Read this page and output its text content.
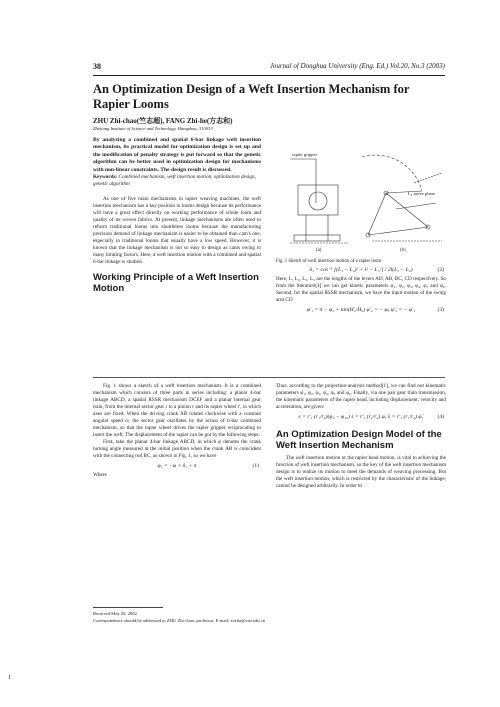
38	Journal of Donghua University (Eng. Ed.) Vol.20, No.3 (2003)
An Optimization Design of a Weft Insertion Mechanism for Rapier Looms
ZHU Zhi-chao(竺志超), FANG Zhi-he(方志和)
Zhejiang Institute of Science and Technology, Hangzhou, 310033

By analyzing a combined and spatial 6-bar linkage weft insertion mechanism, its practical model for optimization design is set up and the modification of penalty strategy is put forward so that the genetic algorithm can be better used in optimization design for mechanisms with non-linear constraints. The design result is discussed.

Keywords: Combined mechanism, weft insertion motion, optimization design, genetic algorithm

As one of five main mechanisms in rapier weaving machines, the weft insertion mechanism has a key position in looms design because its performance will have a great effect directly on working performance of whole loom and quality of its woven fabrics. At present, linkage mechanisms are often used to reform traditional looms into shuttleless looms because the manufacturing precision demand of linkage mechanism is easier to be obtained than cam's one, especially in traditional looms that usually have a low speed. However, it is known that the linkage mechanism is not so easy to design as cams owing to many limiting factors. Here, a weft insertion motion with a combined and spatial 6-bar linkage is studied.

Working Principle of a Weft Insertion Motion
rapier gripper
L₀ move plane
(a)	(b)
Fig. 1 Sketch of weft insertion motion of a rapier loom
δ₁ = cos⁻¹ [(L₁ − L₂)² + l² − L₃²] / 2l(L₁ − L₂)	(2)

Here, L, L₁, L₂, L₃ are the lengths of the levers AD, AB, BC, CD respectively. So from the literature[1] we can get kinetic parameters φ₁, φ₂, φ₃, φ₄, φ₅ and φ₆. Second, for the spatial RSSR mechanism, we have the input motion of the swing arm CD

φ'₁ = π − φ₃ + tan(H₁/H₂) φ'₂ = − φ₅ φ'₃ = − φ'₁	(3)

Fig. 1 shows a sketch of a weft insertion mechanism. It is a combined mechanism which consists of three parts in series including: a planar 4-bar linkage ABCD, a spatial RSSR mechanism DCEF and a planar internal gear train, from the internal sector gear r to a pinion r and its rapier wheel r', in which axes are fixed. When the driving crank AB rotates clockwise with a constant angular speed ω, the sector gear oscillates by the action of 6-bar combined mechanism, so that the rapier wheel drives the rapier gripper reciprocating to insert the weft. The displacement of the rapier can be got by the following steps:

First, take the planar 4-bar linkage ABCD, in which φ denotes the crank turning angle measured at the initial position when the crank AB is coincident with the connecting rod BC, as shown in Fig. 1, so we have

φ₁ = −φ + δ₁ + π	(1)

Where

Thus, according to the projection-analysis method[1], we can find out kinematic parameters φ₁, φ₂, φ₃, φ₄, φ₅ and φ₆. Finally, via one pair gear train transmission, the kinematic parameters of the rapier head, including displacement, velocity and acceleration, are given:

s = r'₁ (r₁/r₂)(φ₁ − φ₁₀) ṡ = r'₁ (r₁/r₂) φ̇₁ s̈ = r'₁ (r₁/r₂) φ̈₁ (4)
An Optimization Design Model of the Weft Insertion Mechanism

The weft insertion motion or the rapier head motion, is vital to achieving the function of weft insertion mechanism, so the key of the weft insertion mechanism design is to realize its motion to meet the demands of weaving processing. But the weft insertion motion, which is restricted by the characteristic of the linkage, cannot be designed arbitrarily. In order to

Received May 20, 2002
Correspondence should be addressed to ZHU Zhi-chao, professor, E-mail: zczhu@zist.edu.cn
1
